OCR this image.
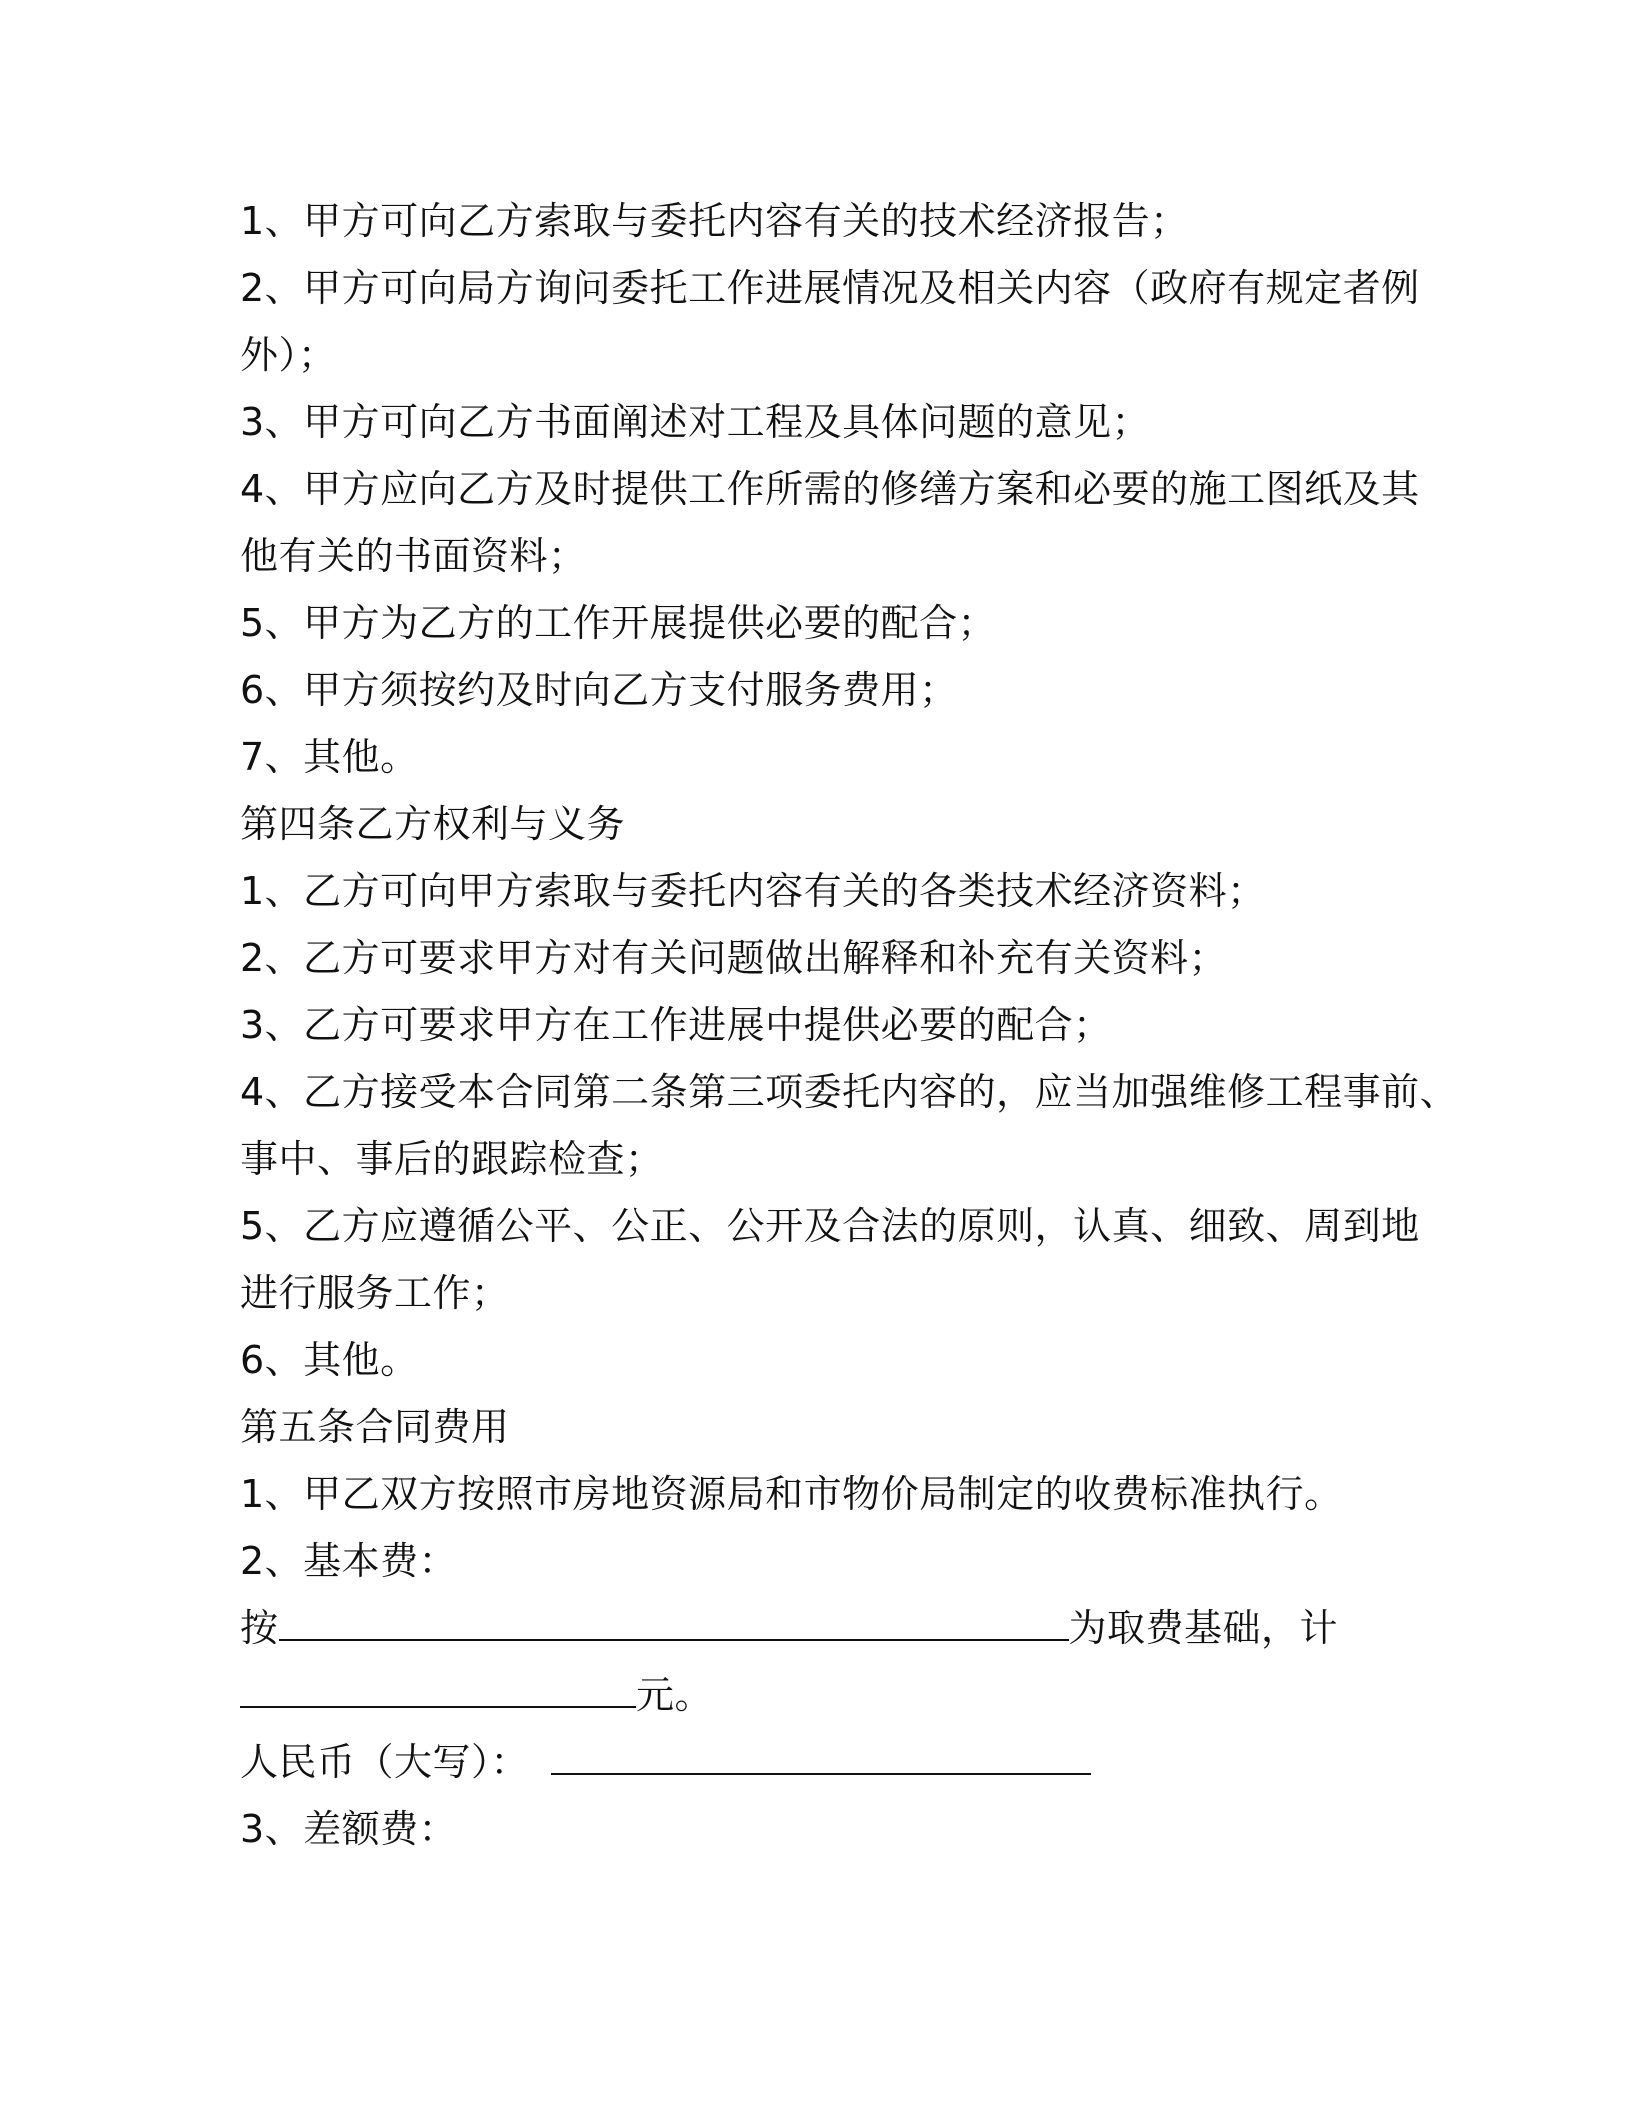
1、甲方可向乙方索取与委托内容有关的技术经济报告；

2、甲方可向局方询问委托工作进展情况及相关内容（政府有规定者例

外）；

3、甲方可向乙方书面阐述对工程及具体问题的意见；

4、甲方应向乙方及时提供工作所需的修缮方案和必要的施工图纸及其

他有关的书面资料；

5、甲方为乙方的工作开展提供必要的配合；

6、甲方须按约及时向乙方支付服务费用；

7、其他。

第四条乙方权利与义务

1、乙方可向甲方索取与委托内容有关的各类技术经济资料；

2、乙方可要求甲方对有关问题做出解释和补充有关资料；

3、乙方可要求甲方在工作进展中提供必要的配合；

4、乙方接受本合同第二条第三项委托内容的，应当加强维修工程事前、

事中、事后的跟踪检查；

5、乙方应遵循公平、公正、公开及合法的原则，认真、细致、周到地

进行服务工作；

6、其他。

第五条合同费用

1、甲乙双方按照市房地资源局和市物价局制定的收费标准执行。

2、基本费：

按	为取费基础，计

元。

人民币（大写）：

3、差额费：
